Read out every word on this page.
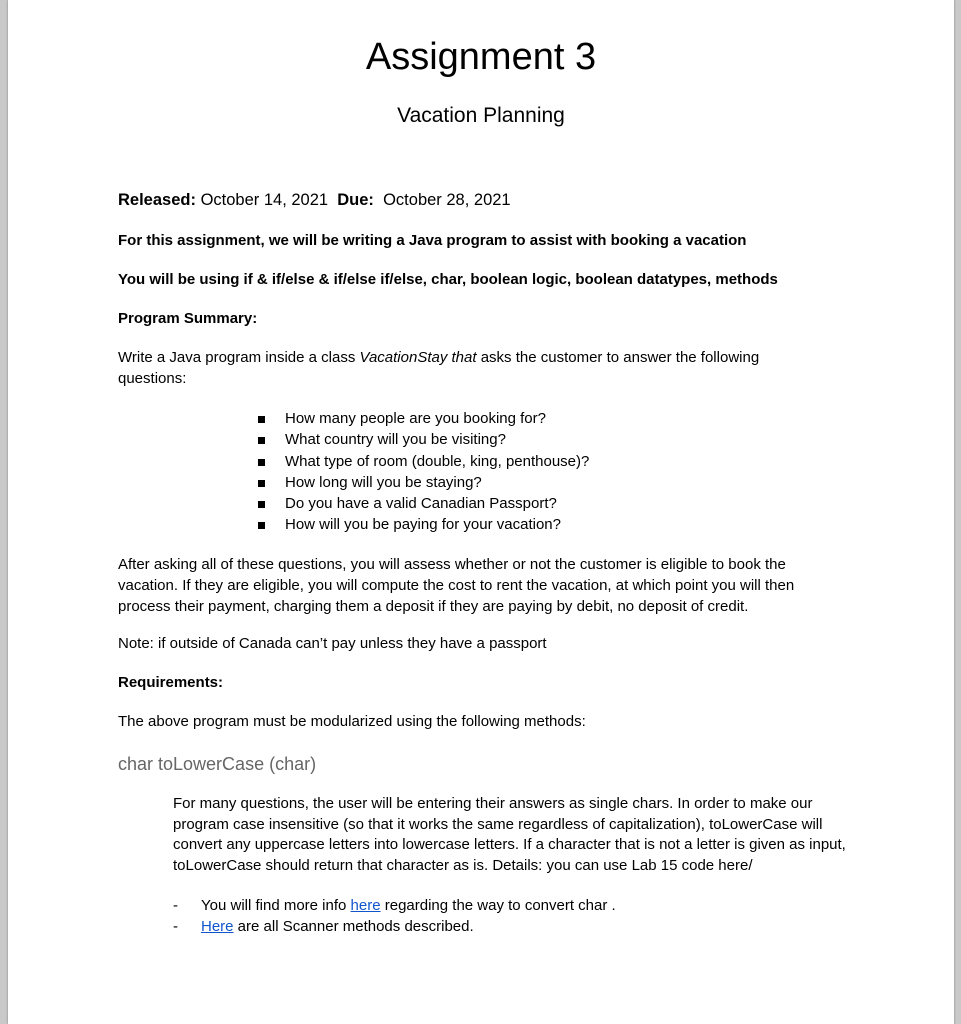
Assignment 3
Vacation Planning
Released: October 14, 2021 Due: October 28, 2021
For this assignment, we will be writing a Java program to assist with booking a vacation
You will be using if & if/else & if/else if/else, char, boolean logic, boolean datatypes, methods
Program Summary:
Write a Java program inside a class VacationStay that asks the customer to answer the following questions:
How many people are you booking for?
What country will you be visiting?
What type of room (double, king, penthouse)?
How long will you be staying?
Do you have a valid Canadian Passport?
How will you be paying for your vacation?
After asking all of these questions, you will assess whether or not the customer is eligible to book the vacation. If they are eligible, you will compute the cost to rent the vacation, at which point you will then process their payment, charging them a deposit if they are paying by debit, no deposit of credit.
Note: if outside of Canada can’t pay unless they have a passport
Requirements:
The above program must be modularized using the following methods:
char toLowerCase (char)
For many questions, the user will be entering their answers as single chars. In order to make our program case insensitive (so that it works the same regardless of capitalization), toLowerCase will convert any uppercase letters into lowercase letters. If a character that is not a letter is given as input, toLowerCase should return that character as is. Details: you can use Lab 15 code here/
- You will find more info here regarding the way to convert char .
- Here are all Scanner methods described.
